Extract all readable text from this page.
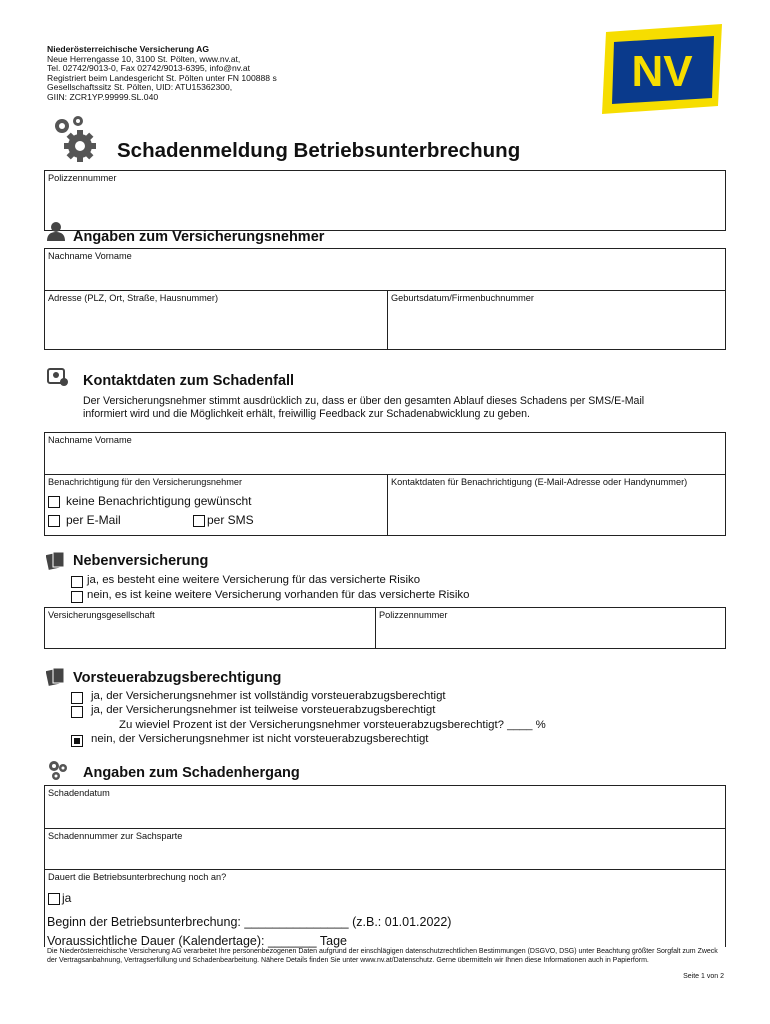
Niederösterreichische Versicherung AG
Neue Herrengasse 10, 3100 St. Pölten, www.nv.at,
Tel. 02742/9013-0, Fax 02742/9013-6395, info@nv.at
Registriert beim Landesgericht St. Pölten unter FN 100888 s
Gesellschaftssitz St. Pölten, UID: ATU15362300,
GIIN: ZCR1YP.99999.SL.040
NV
Schadenmeldung Betriebsunterbrechung
Polizzennummer
Angaben zum Versicherungsnehmer
Nachname Vorname
Adresse (PLZ, Ort, Straße, Hausnummer)	Geburtsdatum/Firmenbuchnummer
Kontaktdaten zum Schadenfall
Der Versicherungsnehmer stimmt ausdrücklich zu, dass er über den gesamten Ablauf dieses Schadens per SMS/E-Mail
informiert wird und die Möglichkeit erhält, freiwillig Feedback zur Schadenabwicklung zu geben.
Nachname Vorname
Benachrichtigung für den Versicherungsnehmer	Kontaktdaten für Benachrichtigung (E-Mail-Adresse oder Handynummer)
keine Benachrichtigung gewünscht
per E-Mail	per SMS
Nebenversicherung
ja, es besteht eine weitere Versicherung für das versicherte Risiko
nein, es ist keine weitere Versicherung vorhanden für das versicherte Risiko
Versicherungsgesellschaft	Polizzennummer
Vorsteuerabzugsberechtigung
ja, der Versicherungsnehmer ist vollständig vorsteuerabzugsberechtigt
ja, der Versicherungsnehmer ist teilweise vorsteuerabzugsberechtigt
Zu wieviel Prozent ist der Versicherungsnehmer vorsteuerabzugsberechtigt? ____ %
nein, der Versicherungsnehmer ist nicht vorsteuerabzugsberechtigt
Angaben zum Schadenhergang
Schadendatum
Schadennummer zur Sachsparte
Dauert die Betriebsunterbrechung noch an?
ja
Beginn der Betriebsunterbrechung: _______________ (z.B.: 01.01.2022)
Voraussichtliche Dauer (Kalendertage): _______ Tage
Die Niederösterreichische Versicherung AG verarbeitet Ihre personenbezogenen Daten aufgrund der einschlägigen datenschutzrechtlichen Bestimmungen (DSGVO, DSG) unter Beachtung größter Sorgfalt zum Zweck der Vertragsanbahnung, Vertragserfüllung und Schadenbearbeitung. Nähere Details finden Sie unter www.nv.at/Datenschutz. Gerne übermitteln wir Ihnen diese Informationen auch in Papierform.
Seite 1 von 2
